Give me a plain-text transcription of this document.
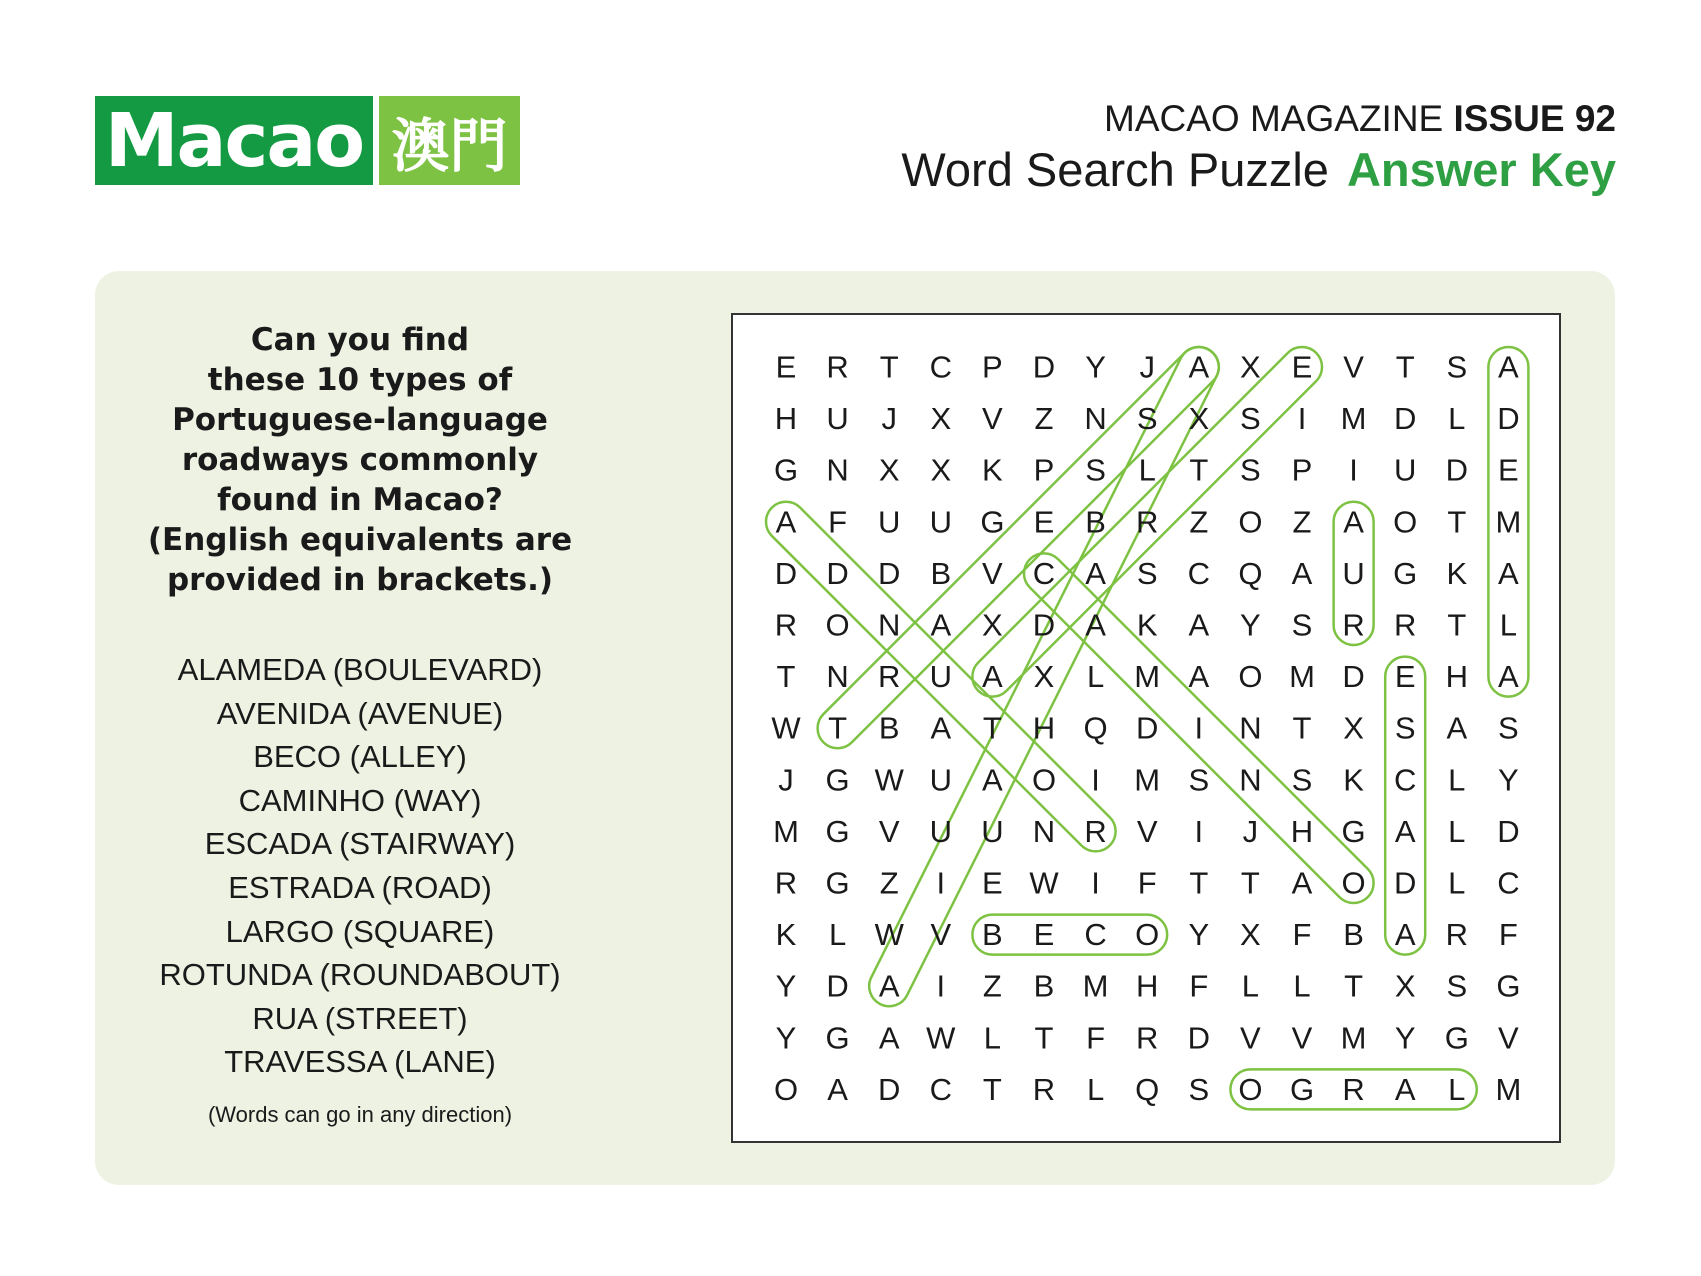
Macao 澳門	MACAO MAGAZINE ISSUE 92
Word Search Puzzle Answer Key
Can you find
these 10 types of
Portuguese-language
roadways commonly
found in Macao?
(English equivalents are
provided in brackets.)
ALAMEDA (BOULEVARD)
AVENIDA (AVENUE)
BECO (ALLEY)
CAMINHO (WAY)
ESCADA (STAIRWAY)
ESTRADA (ROAD)
LARGO (SQUARE)
ROTUNDA (ROUNDABOUT)
RUA (STREET)
TRAVESSA (LANE)
(Words can go in any direction)
E R T C P D Y J A X E V T S A
H U J X V Z N S X S I M D L D
G N X X K P S L T S P I U D E
A F U U G E B R Z O Z A O T M
D D D B V C A S C Q A U G K A
R O N A X D A K A Y S R R T L
T N R U A X L M A O M D E H A
W T B A T H Q D I N T X S A S
J G W U A O I M S N S K C L Y
M G V U U N R V I J H G A L D
R G Z I E W I F T T A O D L C
K L W V B E C O Y X F B A R F
Y D A I Z B M H F L L T X S G
Y G A W L T F R D V V M Y G V
O A D C T R L Q S O G R A L M
